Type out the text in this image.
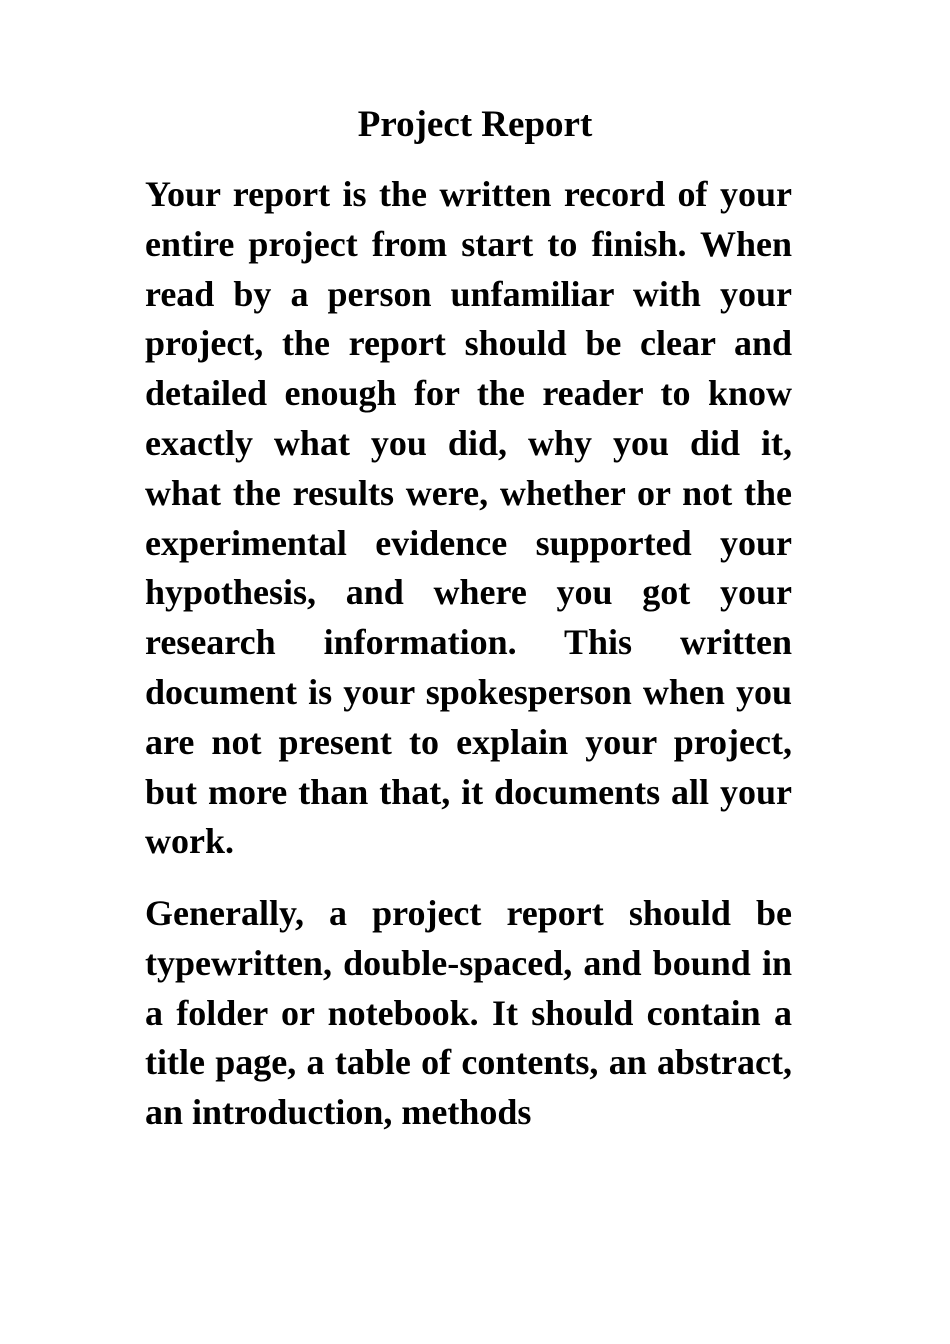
Project Report

Your report is the written record of your entire project from start to finish. When read by a person unfamiliar with your project, the report should be clear and detailed enough for the reader to know exactly what you did, why you did it, what the results were, whether or not the experimental evidence supported your hypothesis, and where you got your research information. This written document is your spokesperson when you are not present to explain your project, but more than that, it documents all your work.

Generally, a project report should be typewritten, double-spaced, and bound in a folder or notebook. It should contain a title page, a table of contents, an abstract, an introduction, methods
